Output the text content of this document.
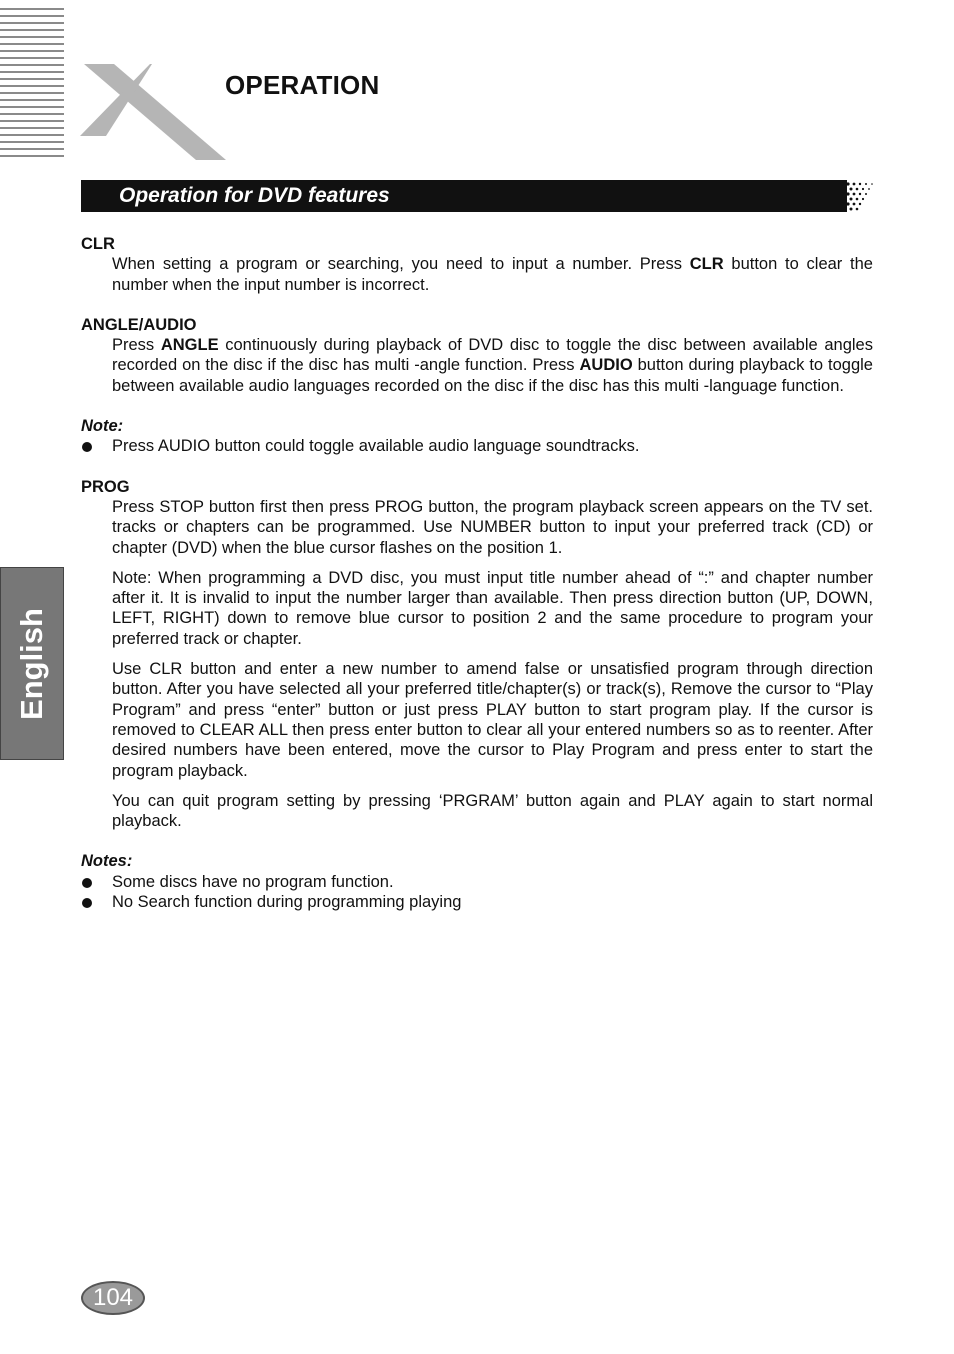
OPERATION
English
Operation for DVD features
CLR

When setting a program or searching, you need to input a number. Press CLR button to clear the number when the input number is incorrect.

ANGLE/AUDIO

Press ANGLE continuously during playback of DVD disc to toggle the disc between available angles recorded on the disc if the disc has multi -angle function. Press AUDIO button during playback to toggle between available audio languages recorded on the disc if the disc has this multi -language function.

Note:
Press AUDIO button could toggle available audio language soundtracks.
PROG

Press STOP button first then press PROG button, the program playback screen appears on the TV set. tracks or chapters can be programmed. Use NUMBER button to input your preferred track (CD) or chapter (DVD) when the blue cursor flashes on the position 1.

Note: When programming a DVD disc, you must input title number ahead of “:” and chapter number after it. It is invalid to input the number larger than available. Then press direction button (UP, DOWN, LEFT, RIGHT) down to remove blue cursor to position 2 and the same procedure to program your preferred track or chapter.

Use CLR button and enter a new number to amend false or unsatisfied program through direction button. After you have selected all your preferred title/chapter(s) or track(s), Remove the cursor to “Play Program” and press “enter” button or just press PLAY button to start program play. If the cursor is removed to CLEAR ALL then press enter button to clear all your entered numbers so as to reenter. After desired numbers have been entered, move the cursor to Play Program and press enter to start the program playback.

You can quit program setting by pressing ‘PRGRAM’ button again and PLAY again to start normal playback.

Notes:
Some discs have no program function.
No Search function during programming playing
104
